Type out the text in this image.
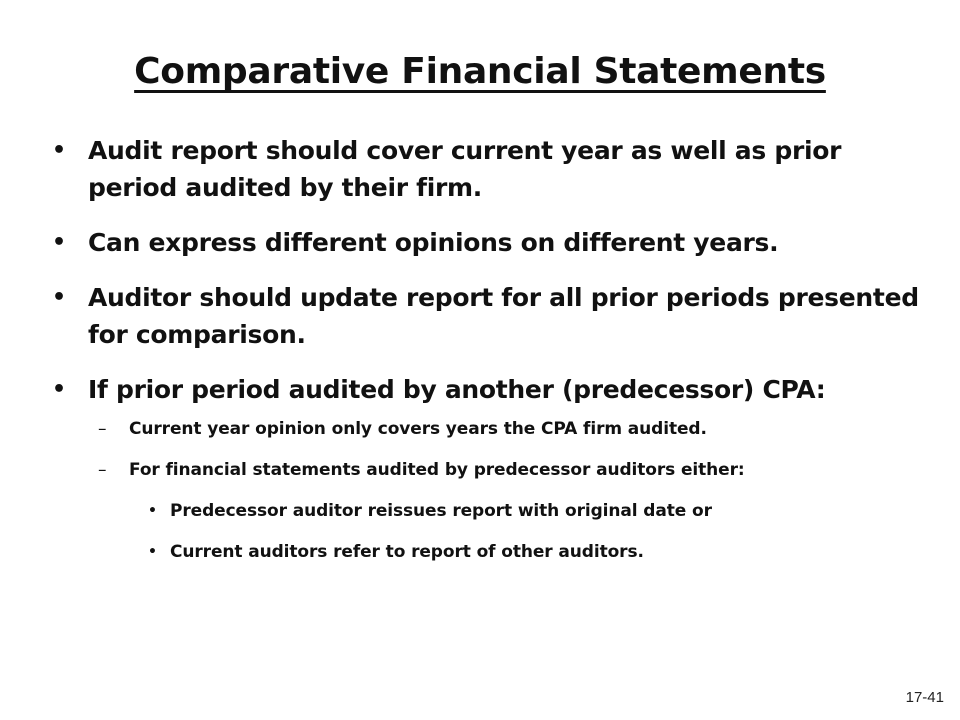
Comparative Financial Statements
• Audit report should cover current year as well as prior period audited by their firm.
• Can express different opinions on different years.
• Auditor should update report for all prior periods presented for comparison.
• If prior period audited by another (predecessor) CPA:
– Current year opinion only covers years the CPA firm audited.
– For financial statements audited by predecessor auditors either:
• Predecessor auditor reissues report with original date or
• Current auditors refer to report of other auditors.
17-41
